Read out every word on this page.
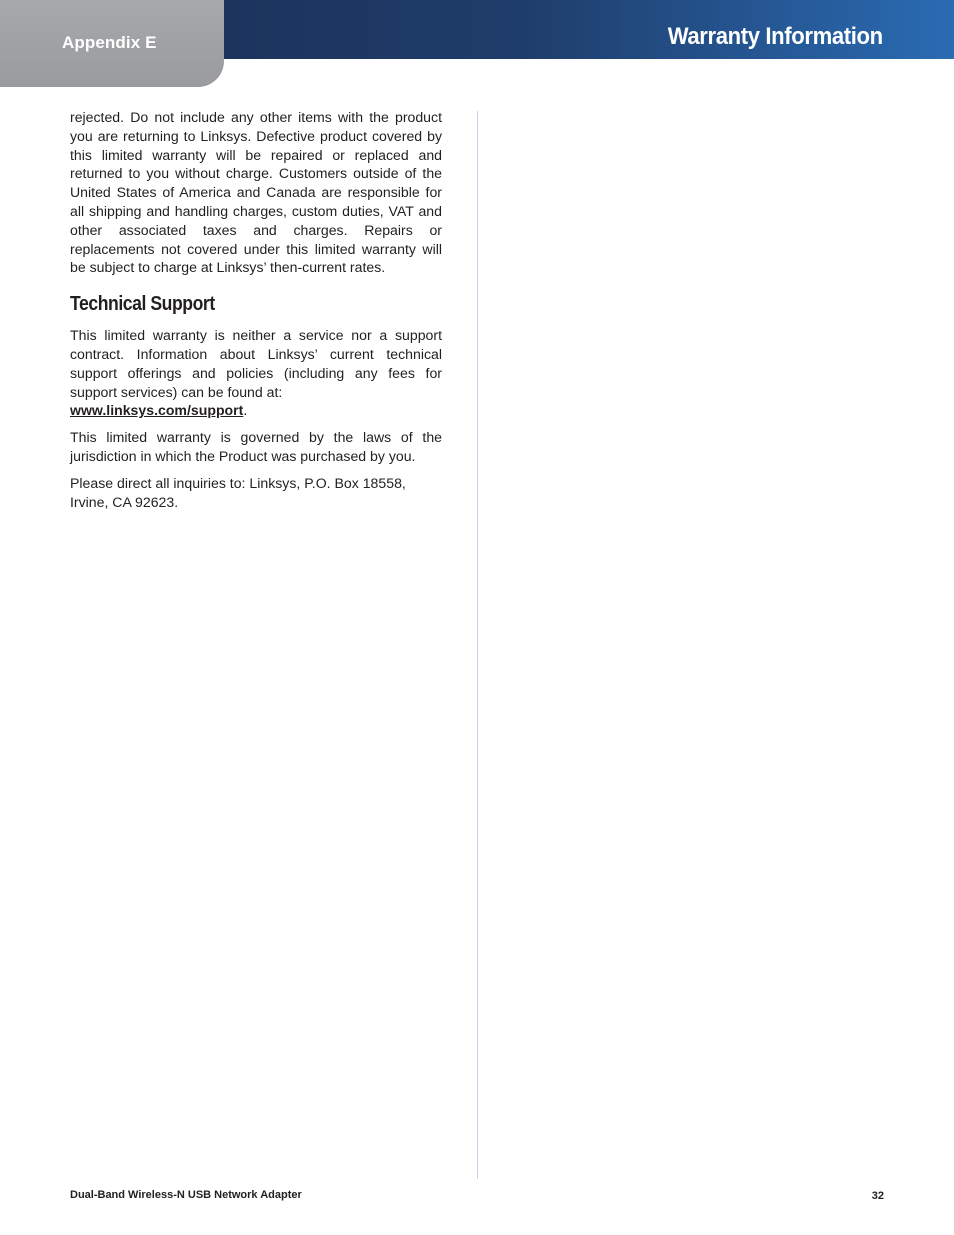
Warranty Information
Appendix E

rejected. Do not include any other items with the product you are returning to Linksys. Defective product covered by this limited warranty will be repaired or replaced and returned to you without charge. Customers outside of the United States of America and Canada are responsible for all shipping and handling charges, custom duties, VAT and other associated taxes and charges. Repairs or replacements not covered under this limited warranty will be subject to charge at Linksys’ then-current rates.

Technical Support

This limited warranty is neither a service nor a support contract. Information about Linksys’ current technical support offerings and policies (including any fees for support services) can be found at:
www.linksys.com/support.

This limited warranty is governed by the laws of the jurisdiction in which the Product was purchased by you.

Please direct all inquiries to: Linksys, P.O. Box 18558, Irvine, CA 92623.

Dual-Band Wireless-N USB Network Adapter	32
